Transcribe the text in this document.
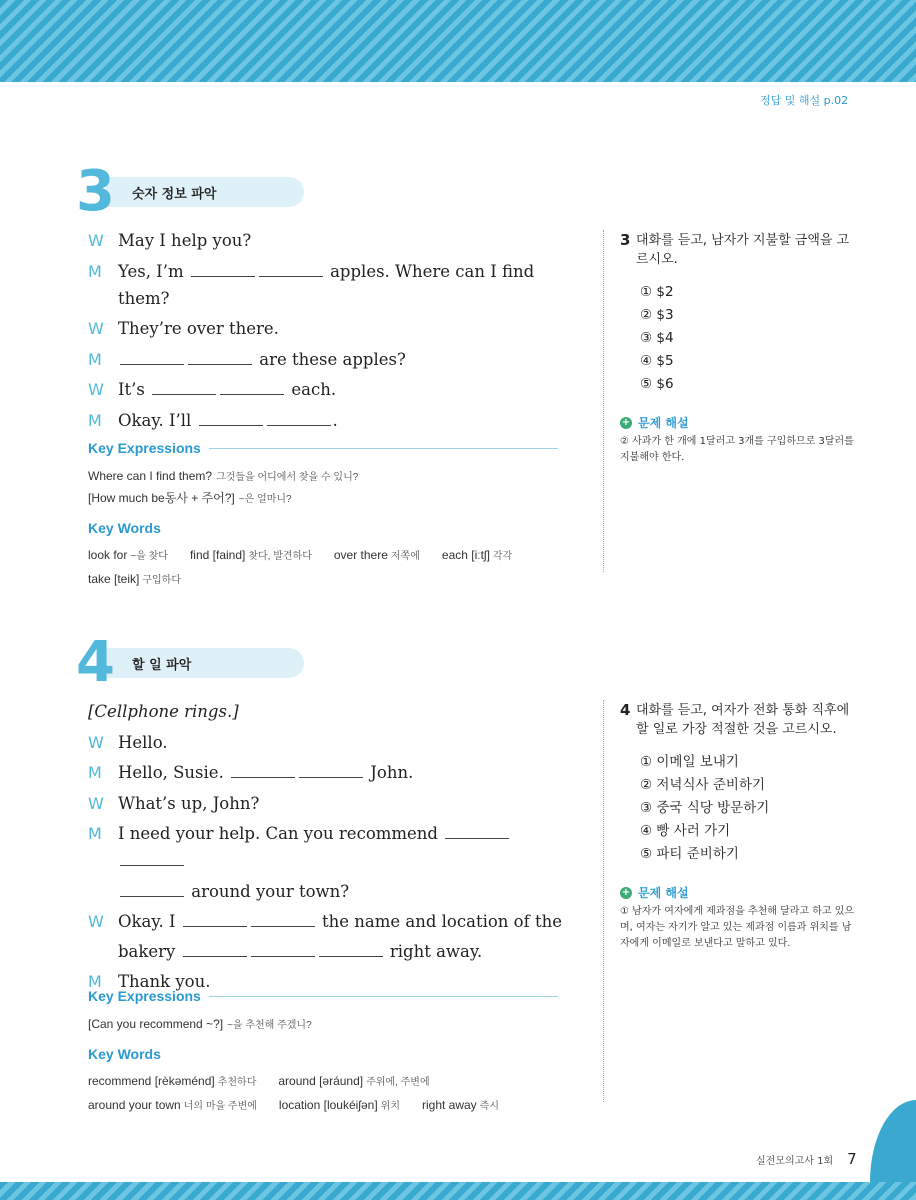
정답 및 해설 p.02
숫자 정보 파악
3
W May I help you?
M Yes, I’m	apples. Where can I find them?
W They’re over there.
M	are these apples?
W It’s	each.
M Okay. I’ll	.
Key Expressions
Where can I find them? 그것들을 어디에서 찾을 수 있니?
[How much be동사 + 주어?] ~은 얼마니?
Key Words
look for ~을 찾다 find [faind] 찾다, 발견하다 over there 저쪽에 each [iːtʃ] 각각
take [teik] 구입하다
3 대화를 듣고, 남자가 지불할 금액을 고르시오.
① $2
② $3
③ $4
④ $5
⑤ $6
+ 문제 해설
② 사과가 한 개에 1달러고 3개를 구입하므로 3달러를 지불해야 한다.
할 일 파악
4
[Cellphone rings.]
W Hello.
M Hello, Susie.	John.
W What’s up, John?
M I need your help. Can you recommend
around your town?
W Okay. I	the name and location of the
bakery	right away.
M Thank you.
Key Expressions
[Can you recommend ~?] ~을 추천해 주겠니?
Key Words
recommend [rèkəménd] 추천하다 around [əráund] 주위에, 주변에
around your town 너의 마을 주변에 location [loukéiʃən] 위치 right away 즉시
4 대화를 듣고, 여자가 전화 통화 직후에 할 일로 가장 적절한 것을 고르시오.
① 이메일 보내기
② 저녁식사 준비하기
③ 중국 식당 방문하기
④ 빵 사러 가기
⑤ 파티 준비하기
+ 문제 해설
① 남자가 여자에게 제과점을 추천해 달라고 하고 있으며, 여자는 자기가 알고 있는 제과점 이름과 위치를 남자에게 이메일로 보낸다고 말하고 있다.
실전모의고사 1회 7
